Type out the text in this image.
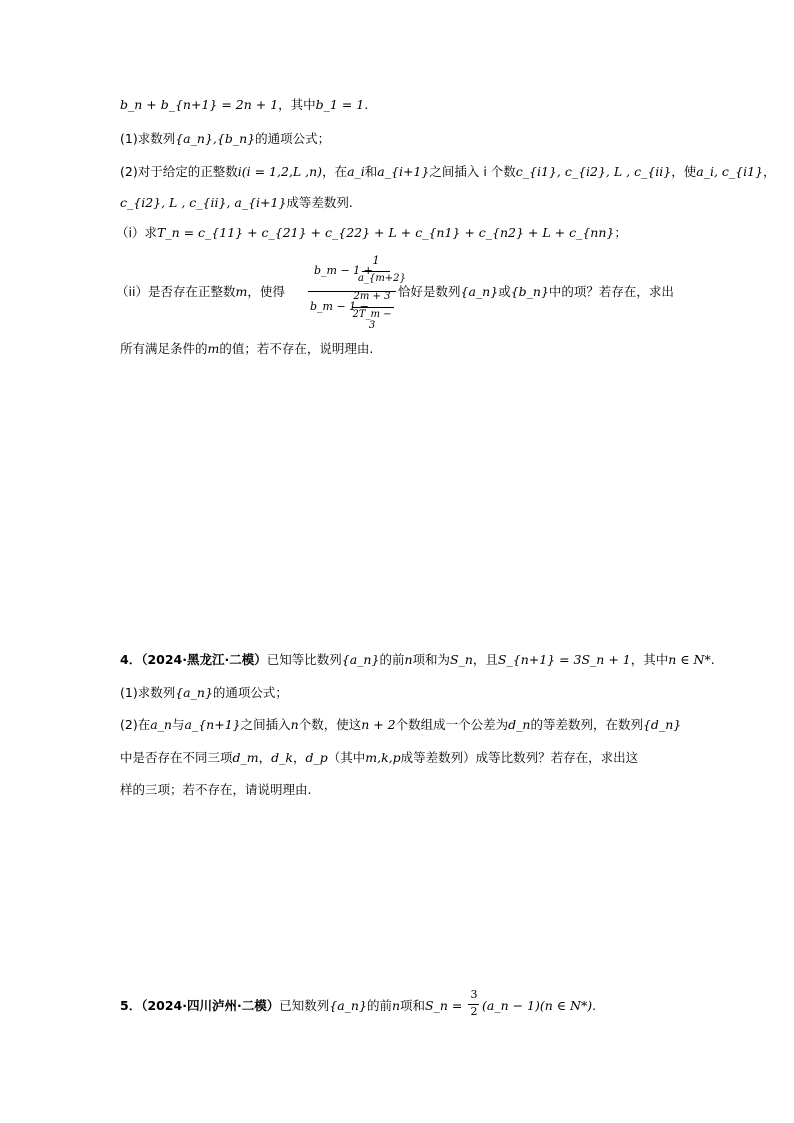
b_n + b_{n+1} = 2n + 1，其中b_1 = 1.
(1)求数列{a_n},{b_n}的通项公式；
(2)对于给定的正整数i(i = 1,2,L ,n)，在a_i和a_{i+1}之间插入 i 个数c_{i1}, c_{i2}, L , c_{ii}，使a_i, c_{i1}，
c_{i2}, L , c_{ii}, a_{i+1}成等差数列.
（i）求T_n = c_{11} + c_{21} + c_{22} + L + c_{n1} + c_{n2} + L + c_{nn}；
（ii）是否存在正整数m，使得
b_m − 1 +
1
a_{m+2}
b_m − 1 −
2m + 3
2T_m − 3
恰好是数列{a_n}或{b_n}中的项？若存在，求出
所有满足条件的m的值；若不存在，说明理由.
4．（2024·黑龙江·二模）已知等比数列{a_n}的前n项和为S_n，且S_{n+1} = 3S_n + 1，其中n ∈ N*.
(1)求数列{a_n}的通项公式；
(2)在a_n与a_{n+1}之间插入n个数，使这n + 2个数组成一个公差为d_n的等差数列，在数列{d_n}
中是否存在不同三项d_m，d_k，d_p（其中m,k,p成等差数列）成等比数列？若存在，求出这
样的三项；若不存在，请说明理由.
5．（2024·四川泸州·二模）已知数列{a_n}的前n项和S_n =
3
2 (a_n − 1)(n ∈ N*).
